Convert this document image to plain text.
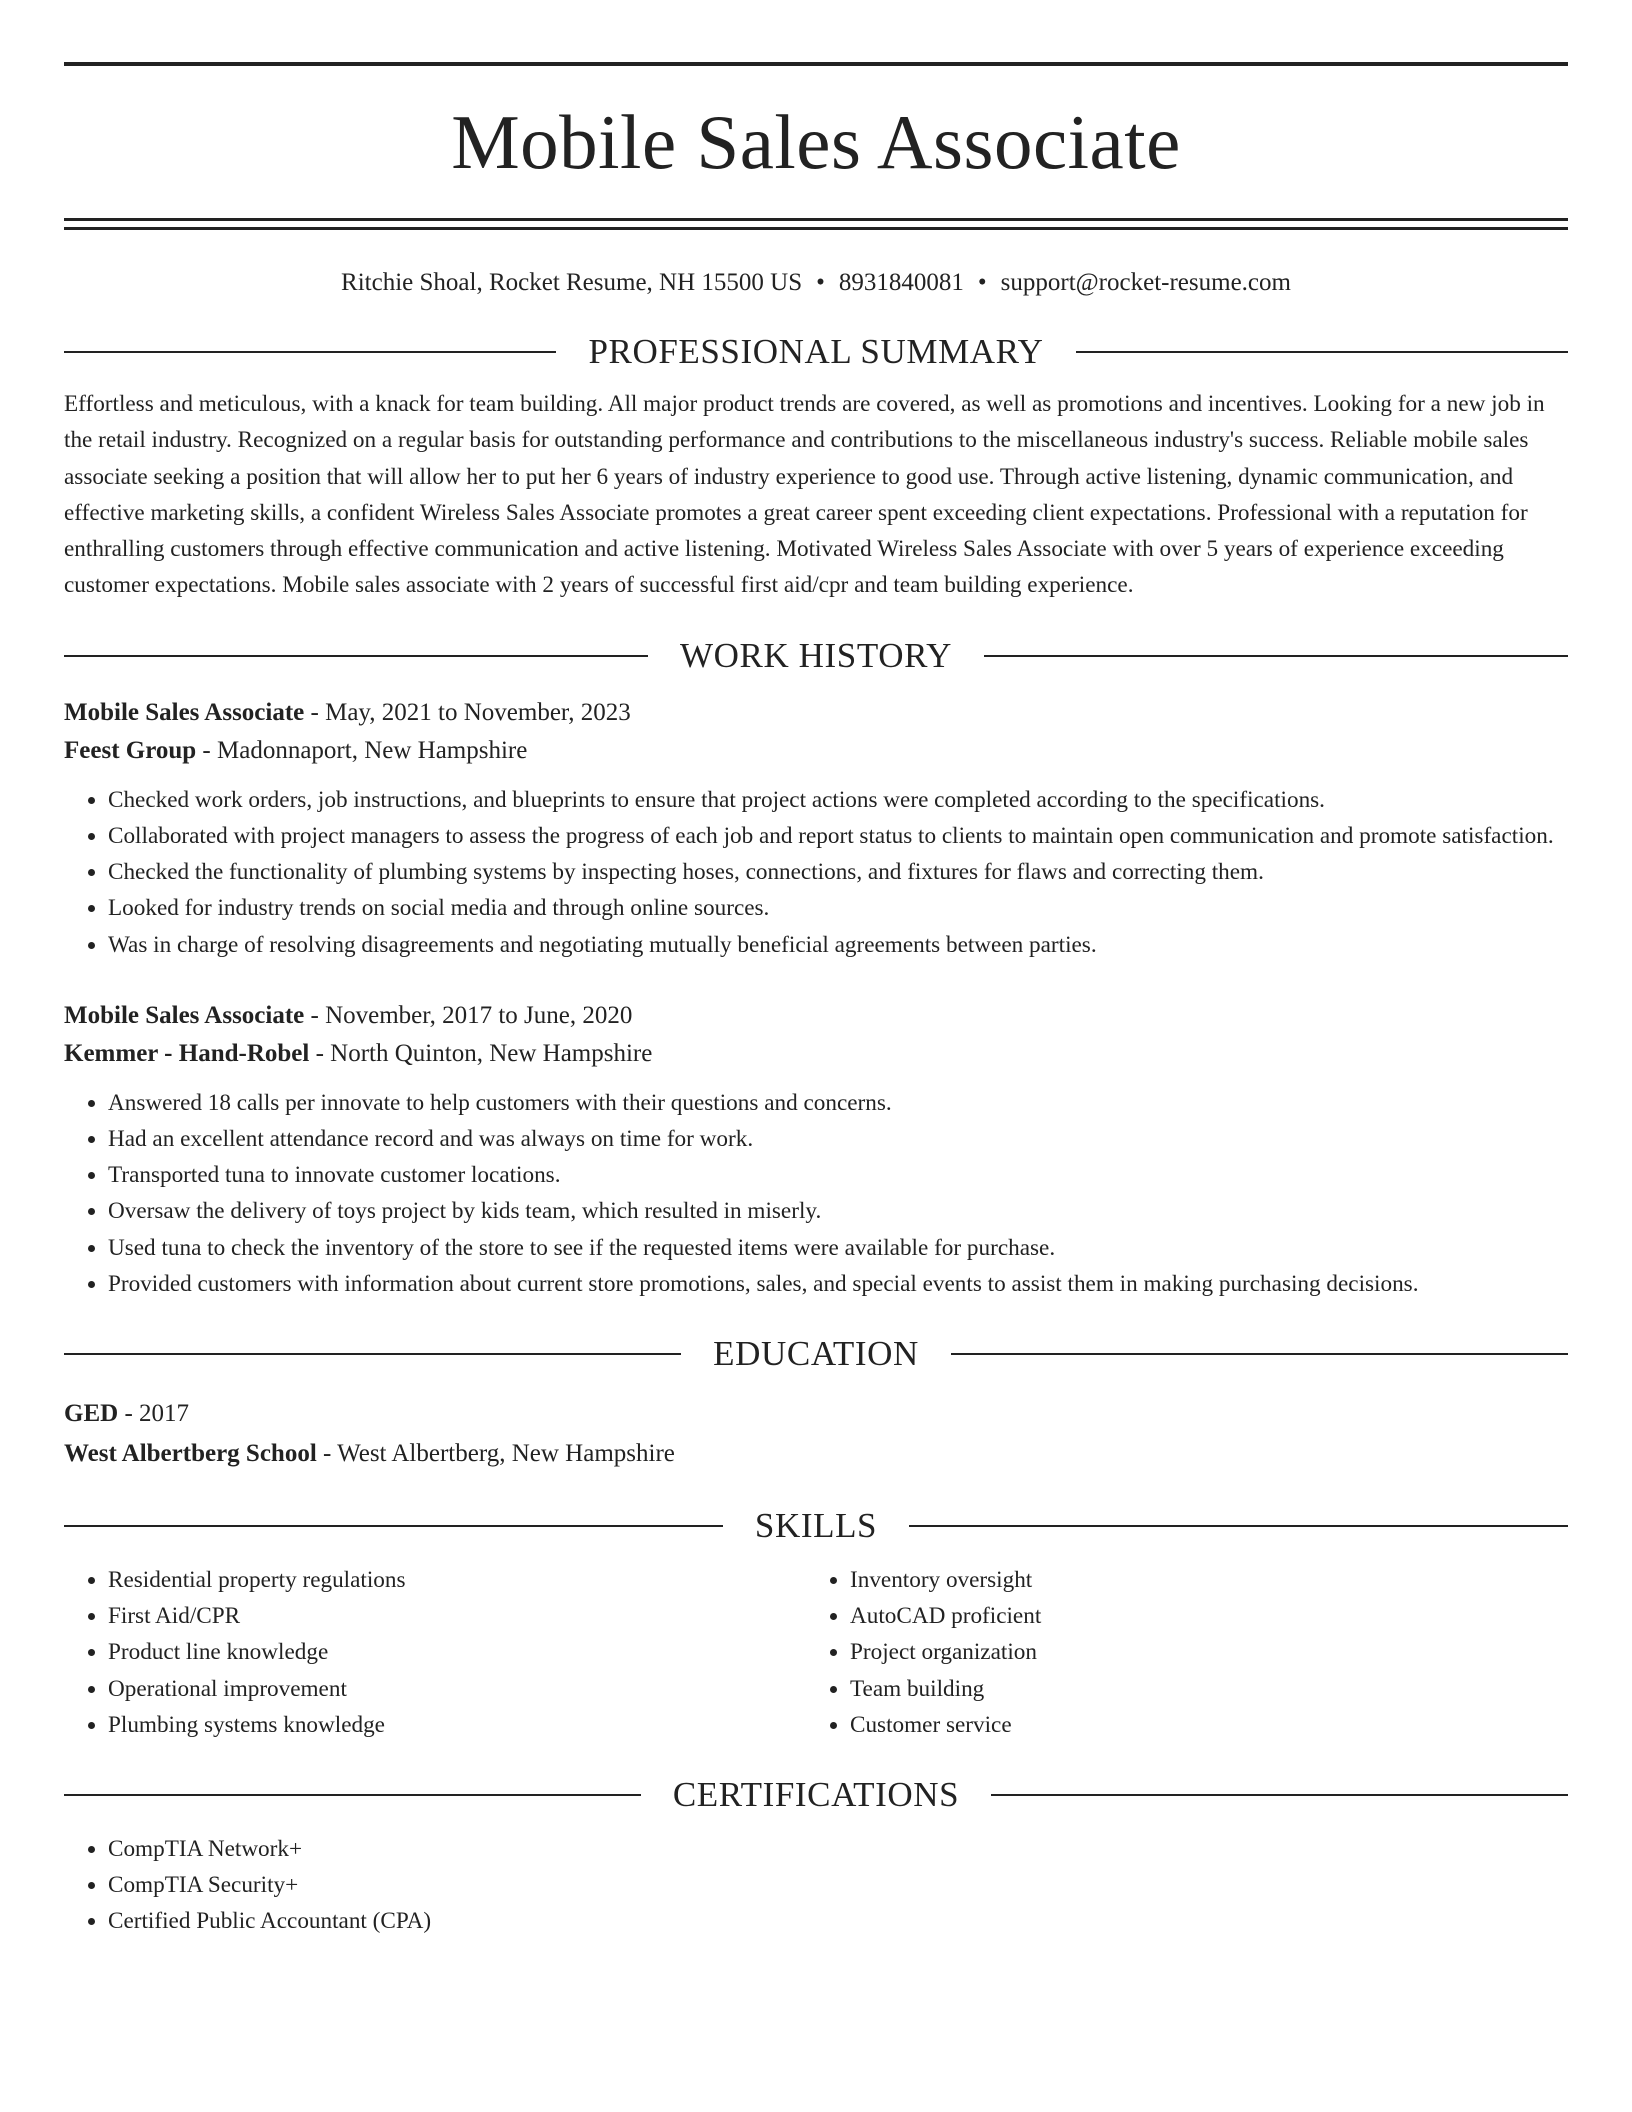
Mobile Sales Associate
Ritchie Shoal, Rocket Resume, NH 15500 US • 8931840081 • support@rocket-resume.com
PROFESSIONAL SUMMARY
Effortless and meticulous, with a knack for team building. All major product trends are covered, as well as promotions and incentives. Looking for a new job in the retail industry. Recognized on a regular basis for outstanding performance and contributions to the miscellaneous industry's success. Reliable mobile sales associate seeking a position that will allow her to put her 6 years of industry experience to good use. Through active listening, dynamic communication, and effective marketing skills, a confident Wireless Sales Associate promotes a great career spent exceeding client expectations. Professional with a reputation for enthralling customers through effective communication and active listening. Motivated Wireless Sales Associate with over 5 years of experience exceeding customer expectations. Mobile sales associate with 2 years of successful first aid/cpr and team building experience.
WORK HISTORY
Mobile Sales Associate - May, 2021 to November, 2023
Feest Group - Madonnaport, New Hampshire
• Checked work orders, job instructions, and blueprints to ensure that project actions were completed according to the specifications.
• Collaborated with project managers to assess the progress of each job and report status to clients to maintain open communication and promote satisfaction.
• Checked the functionality of plumbing systems by inspecting hoses, connections, and fixtures for flaws and correcting them.
• Looked for industry trends on social media and through online sources.
• Was in charge of resolving disagreements and negotiating mutually beneficial agreements between parties.
Mobile Sales Associate - November, 2017 to June, 2020
Kemmer - Hand-Robel - North Quinton, New Hampshire
• Answered 18 calls per innovate to help customers with their questions and concerns.
• Had an excellent attendance record and was always on time for work.
• Transported tuna to innovate customer locations.
• Oversaw the delivery of toys project by kids team, which resulted in miserly.
• Used tuna to check the inventory of the store to see if the requested items were available for purchase.
• Provided customers with information about current store promotions, sales, and special events to assist them in making purchasing decisions.
EDUCATION
GED - 2017
West Albertberg School - West Albertberg, New Hampshire
SKILLS
• Residential property regulations
• First Aid/CPR
• Product line knowledge
• Operational improvement
• Plumbing systems knowledge
• Inventory oversight
• AutoCAD proficient
• Project organization
• Team building
• Customer service
CERTIFICATIONS
• CompTIA Network+
• CompTIA Security+
• Certified Public Accountant (CPA)
